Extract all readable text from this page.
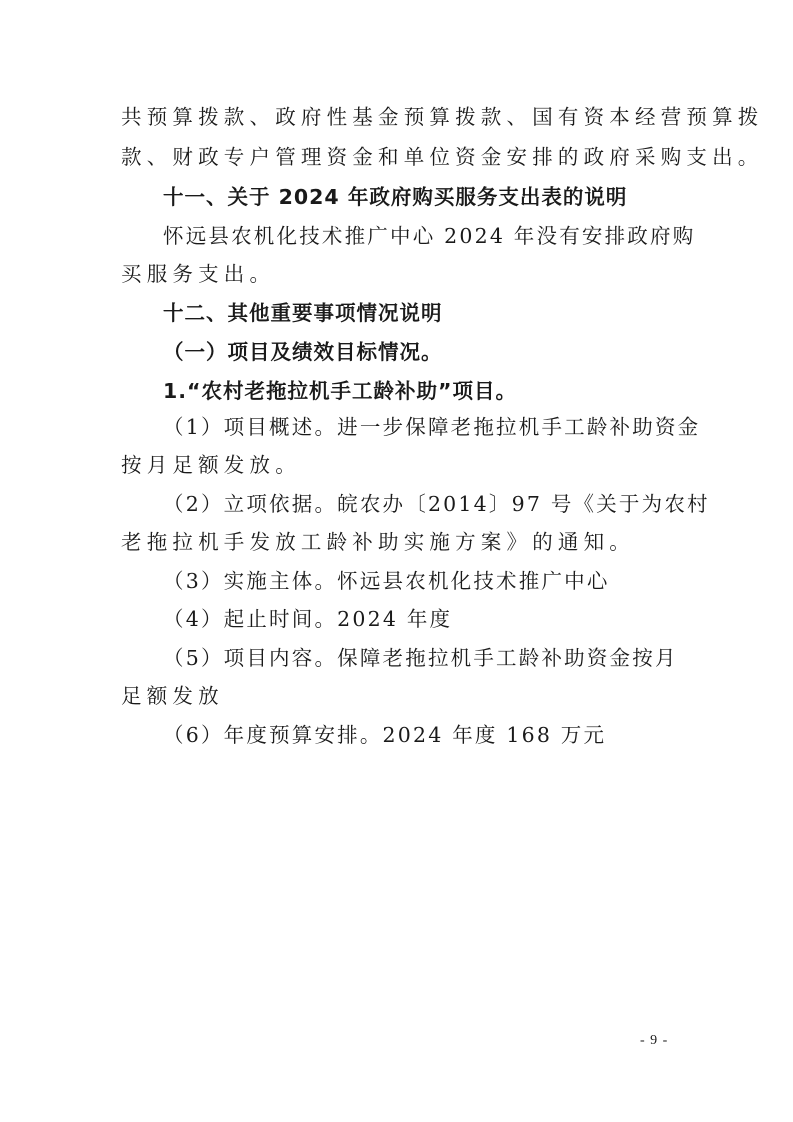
共预算拨款、政府性基金预算拨款、国有资本经营预算拨
款、财政专户管理资金和单位资金安排的政府采购支出。
十一、关于 2024 年政府购买服务支出表的说明
怀远县农机化技术推广中心 2024 年没有安排政府购
买服务支出。
十二、其他重要事项情况说明
（一）项目及绩效目标情况。
1.“农村老拖拉机手工龄补助”项目。
（1）项目概述。进一步保障老拖拉机手工龄补助资金
按月足额发放。
（2）立项依据。皖农办〔2014〕97 号《关于为农村
老拖拉机手发放工龄补助实施方案》的通知。
（3）实施主体。怀远县农机化技术推广中心
（4）起止时间。2024 年度
（5）项目内容。保障老拖拉机手工龄补助资金按月
足额发放
（6）年度预算安排。2024 年度 168 万元
- 9 -
